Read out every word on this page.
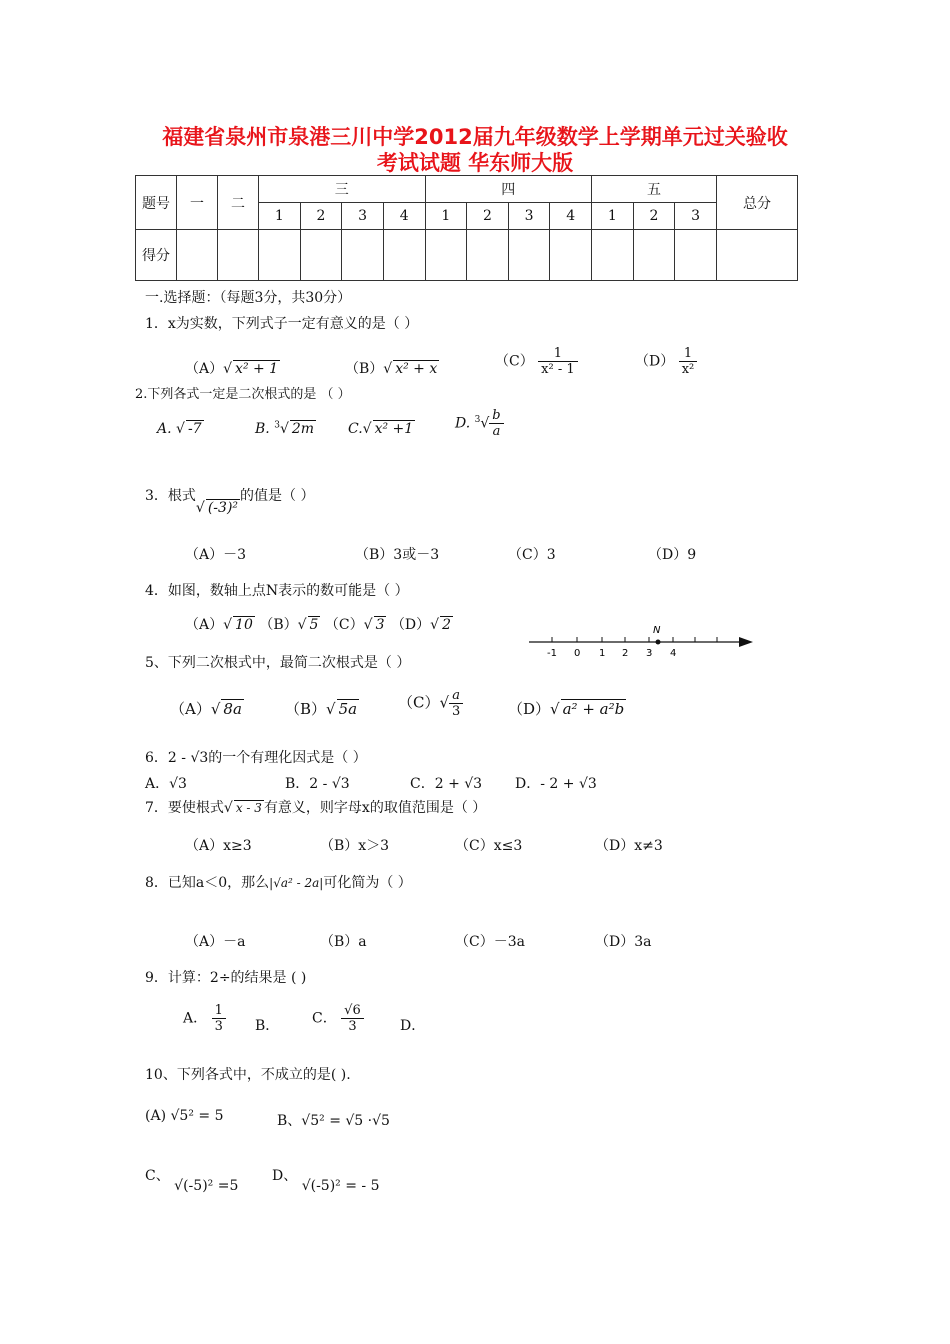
福建省泉州市泉港三川中学2012届九年级数学上学期单元过关验收
考试试题 华东师大版
题号	一	二	三				四				五			总分
			1	2	3	4	1	2	3	4	1	2	3	
得分														
一.选择题：（每题3分，共30分）
1．x为实数，下列式子一定有意义的是（ ）
（A）√ x² + 1	（B）√ x² + x	$(C) \frac{1}{\text{x² - 1}}$	$(D) \frac{1}{\text{x²}}$
2.下列各式一定是二次根式的是 （ ）
A. √ -7	B. $^3$√ 2m C.√ x² +1	D. $^3√ \frac{b}{a}$
3．根式√ (-3)²的值是（ ）
（A）－3	（B）3或－3	（C）3	（D）9
4．如图，数轴上点N表示的数可能是（ ）
（A）√ 10 （B）√ 5 （C）√ 3 （D）√ 2	N
-1 0 1 2 3 4
5、下列二次根式中，最简二次根式是（ ）
（A）√ 8a	（B）√ 5a	$(C)√ \frac{a}{3}$	（D）√ a² + a²b
6．2 - √3的一个有理化因式是（ ）
A．√3	B．2 - √3	C．2 + √3 D．- 2 + √3
7．要使根式√ x - 3 有意义，则字母x的取值范围是（ ）
（A）x≥3	（B）x＞3	（C）x≤3	（D）x≠3
8．已知a＜0，那么|√a² - 2a|可化简为（ ）
（A）－a	（B）a	（C）－3a	（D）3a
9．计算：2÷的结果是 ( )
A． $\frac{1}{3}$ B． C． $\frac{√6}{3}$	D．
10、下列各式中，不成立的是( ).
(A) √5² = 5	B、√5² = √5 ·√5
C、 √(-5)² =5
D、 √(-5)² = - 5
